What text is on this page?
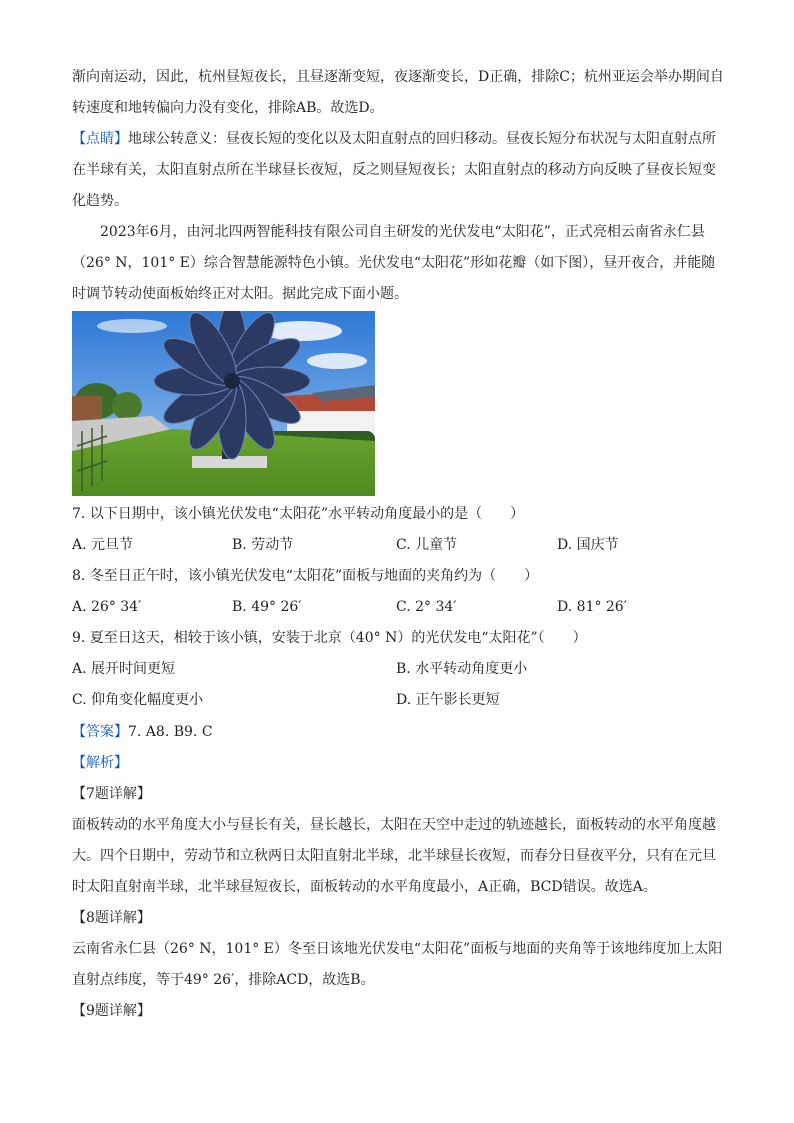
渐向南运动，因此，杭州昼短夜长，且昼逐渐变短，夜逐渐变长，D正确，排除C；杭州亚运会举办期间自
转速度和地转偏向力没有变化，排除AB。故选D。
【点睛】地球公转意义：昼夜长短的变化以及太阳直射点的回归移动。昼夜长短分布状况与太阳直射点所
在半球有关，太阳直射点所在半球昼长夜短，反之则昼短夜长；太阳直射点的移动方向反映了昼夜长短变
化趋势。
2023年6月，由河北四两智能科技有限公司自主研发的光伏发电“太阳花”，正式亮相云南省永仁县
（26° N，101° E）综合智慧能源特色小镇。光伏发电“太阳花”形如花瓣（如下图），昼开夜合，并能随
时调节转动使面板始终正对太阳。据此完成下面小题。
7. 以下日期中，该小镇光伏发电“太阳花”水平转动角度最小的是（　　）
A. 元旦节	B. 劳动节	C. 儿童节	D. 国庆节
8. 冬至日正午时，该小镇光伏发电“太阳花”面板与地面的夹角约为（　　）
A. 26° 34′	B. 49° 26′	C. 2° 34′	D. 81° 26′
9. 夏至日这天，相较于该小镇，安装于北京（40° N）的光伏发电“太阳花”（　　）
A. 展开时间更短	B. 水平转动角度更小
C. 仰角变化幅度更小	D. 正午影长更短
【答案】7. A8. B9. C
【解析】
【7题详解】
面板转动的水平角度大小与昼长有关，昼长越长，太阳在天空中走过的轨迹越长，面板转动的水平角度越
大。四个日期中，劳动节和立秋两日太阳直射北半球，北半球昼长夜短，而春分日昼夜平分，只有在元旦
时太阳直射南半球，北半球昼短夜长，面板转动的水平角度最小，A正确，BCD错误。故选A。
【8题详解】
云南省永仁县（26° N，101° E）冬至日该地光伏发电“太阳花”面板与地面的夹角等于该地纬度加上太阳
直射点纬度，等于49° 26′，排除ACD，故选B。
【9题详解】
